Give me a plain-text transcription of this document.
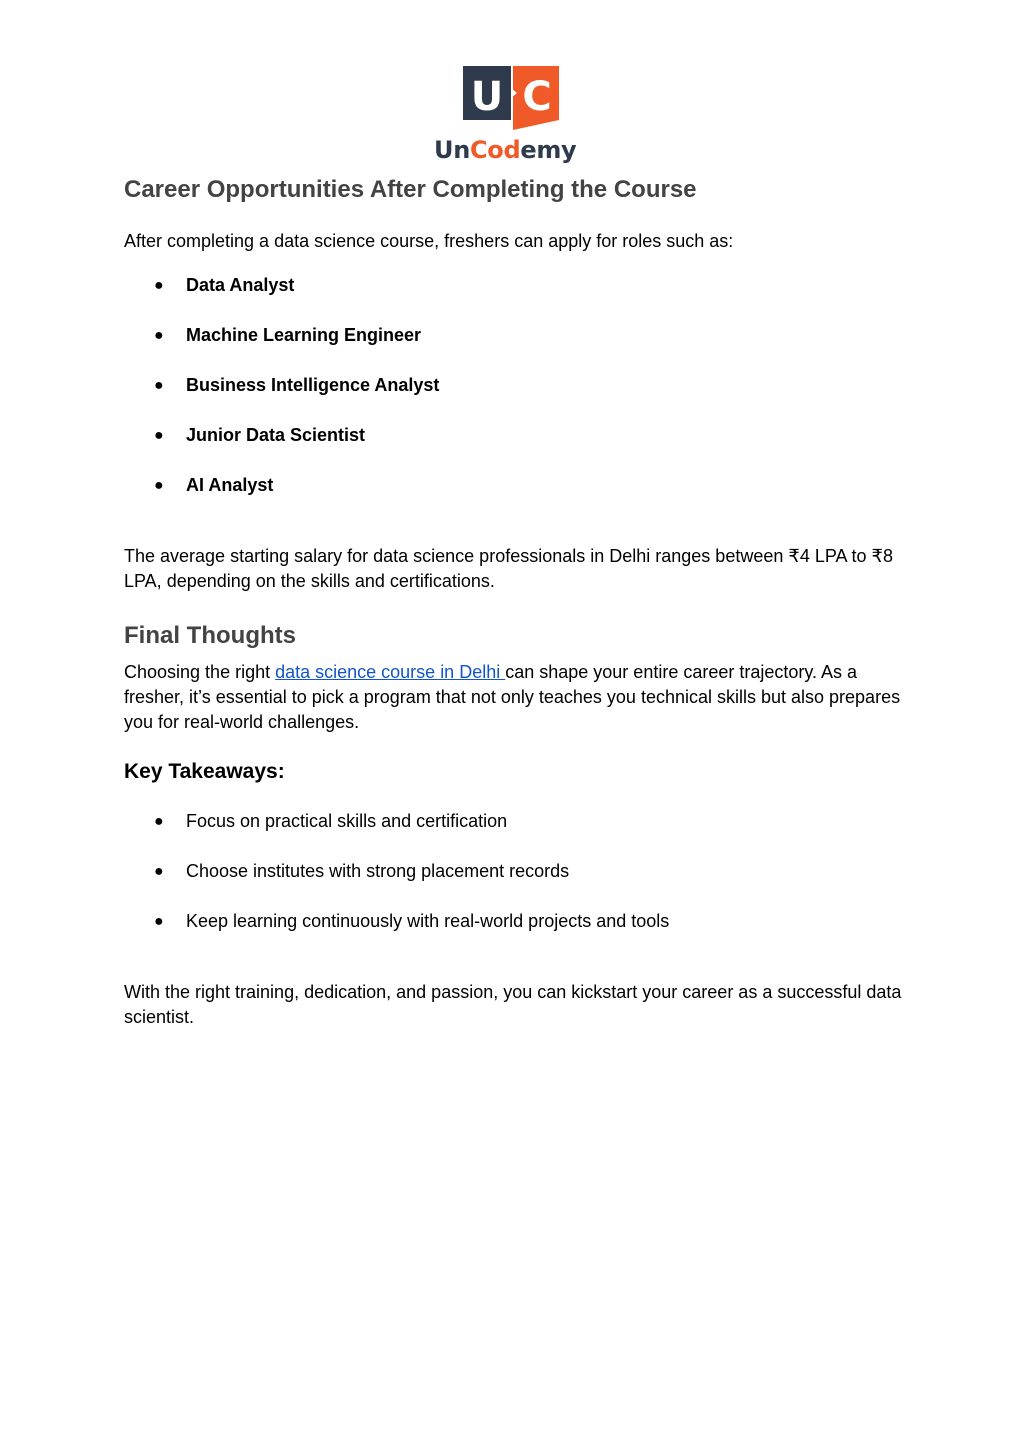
U C
UnCodemy
Career Opportunities After Completing the Course

After completing a data science course, freshers can apply for roles such as:

● Data Analyst
● Machine Learning Engineer
● Business Intelligence Analyst
● Junior Data Scientist
● AI Analyst

The average starting salary for data science professionals in Delhi ranges between ₹4 LPA to ₹8 LPA, depending on the skills and certifications.

Final Thoughts

Choosing the right data science course in Delhi can shape your entire career trajectory. As a fresher, it’s essential to pick a program that not only teaches you technical skills but also prepares you for real-world challenges.

Key Takeaways:
● Focus on practical skills and certification
● Choose institutes with strong placement records
● Keep learning continuously with real-world projects and tools

With the right training, dedication, and passion, you can kickstart your career as a successful data scientist.
